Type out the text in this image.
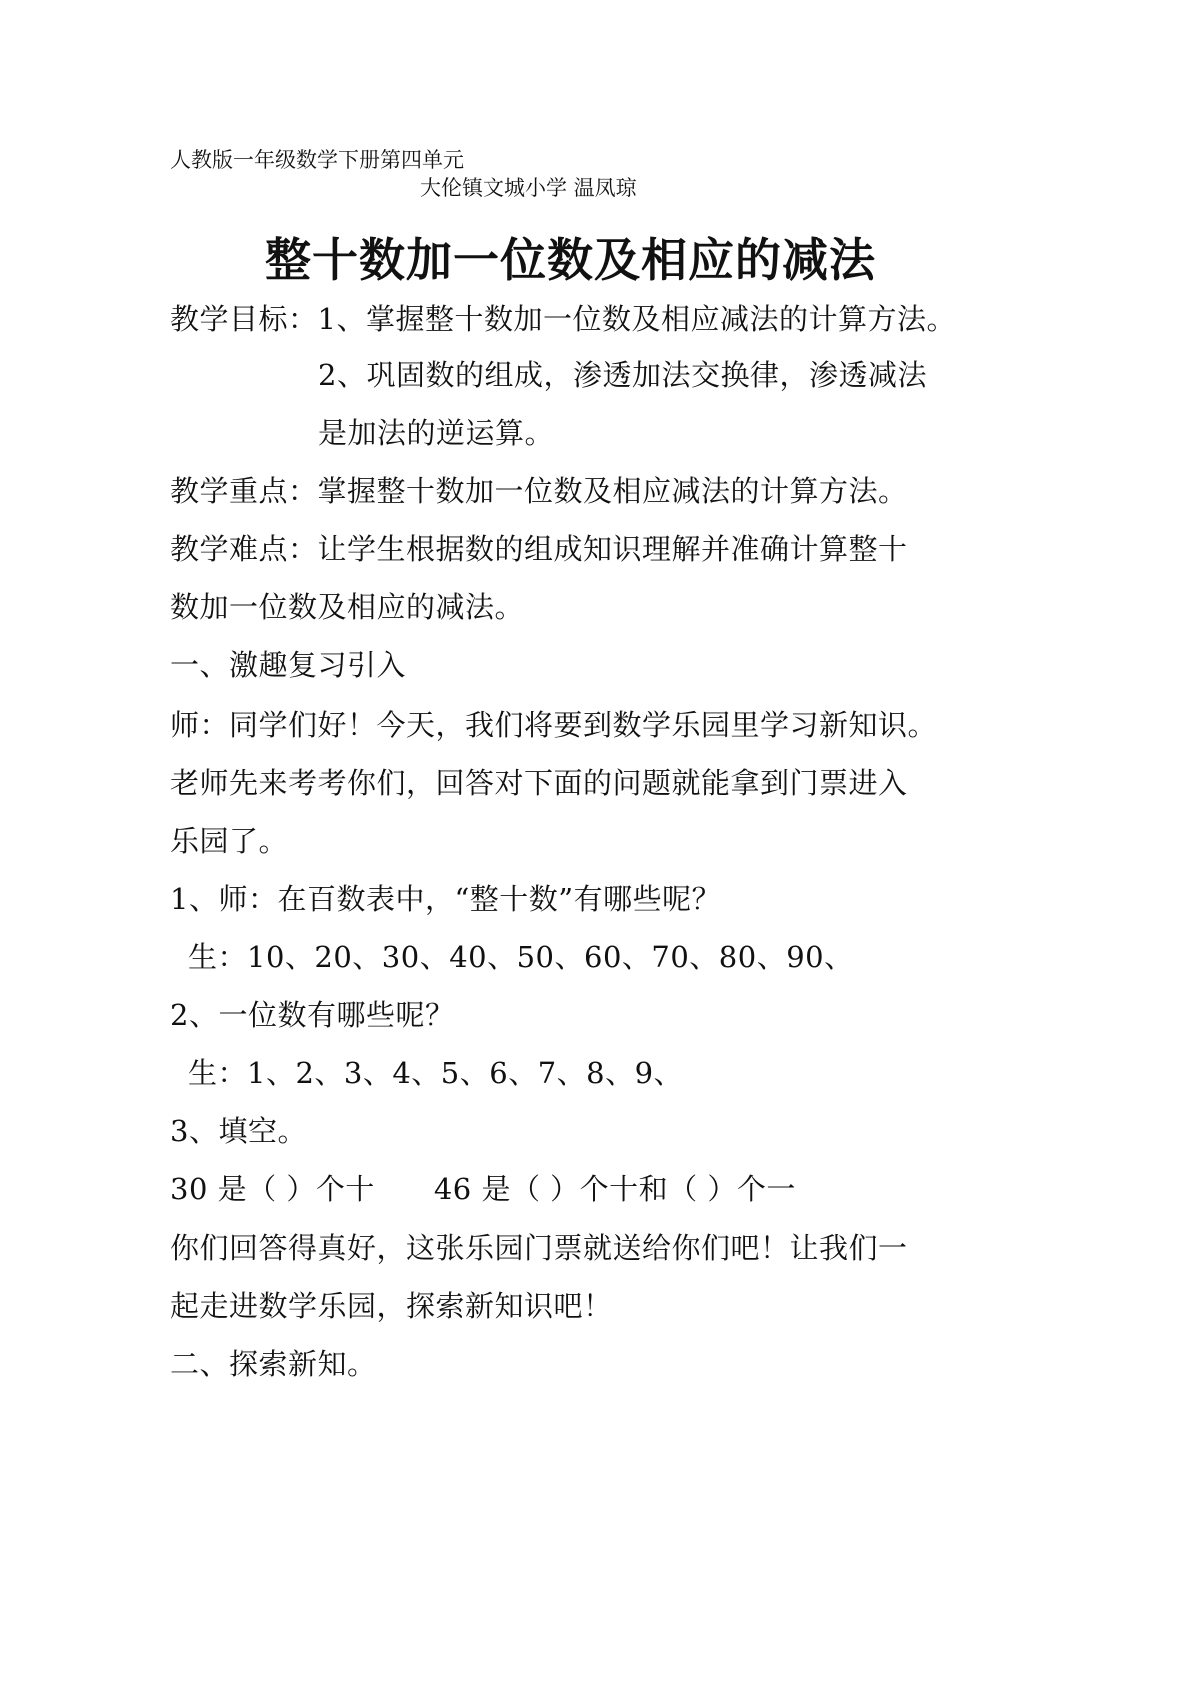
人教版一年级数学下册第四单元
大伦镇文城小学 温凤琼
整十数加一位数及相应的减法
教学目标：1、掌握整十数加一位数及相应减法的计算方法。
2、巩固数的组成，渗透加法交换律，渗透减法
是加法的逆运算。
教学重点：掌握整十数加一位数及相应减法的计算方法。
教学难点：让学生根据数的组成知识理解并准确计算整十
数加一位数及相应的减法。
一、激趣复习引入
师：同学们好！今天，我们将要到数学乐园里学习新知识。
老师先来考考你们，回答对下面的问题就能拿到门票进入
乐园了。
1、师：在百数表中，“整十数”有哪些呢？
生：10、20、30、40、50、60、70、80、90、
2、一位数有哪些呢？
生：1、2、3、4、5、6、7、8、9、
3、填空。
30 是（ ）个十　　46 是（ ）个十和（ ）个一
你们回答得真好，这张乐园门票就送给你们吧！让我们一
起走进数学乐园，探索新知识吧！
二、探索新知。
